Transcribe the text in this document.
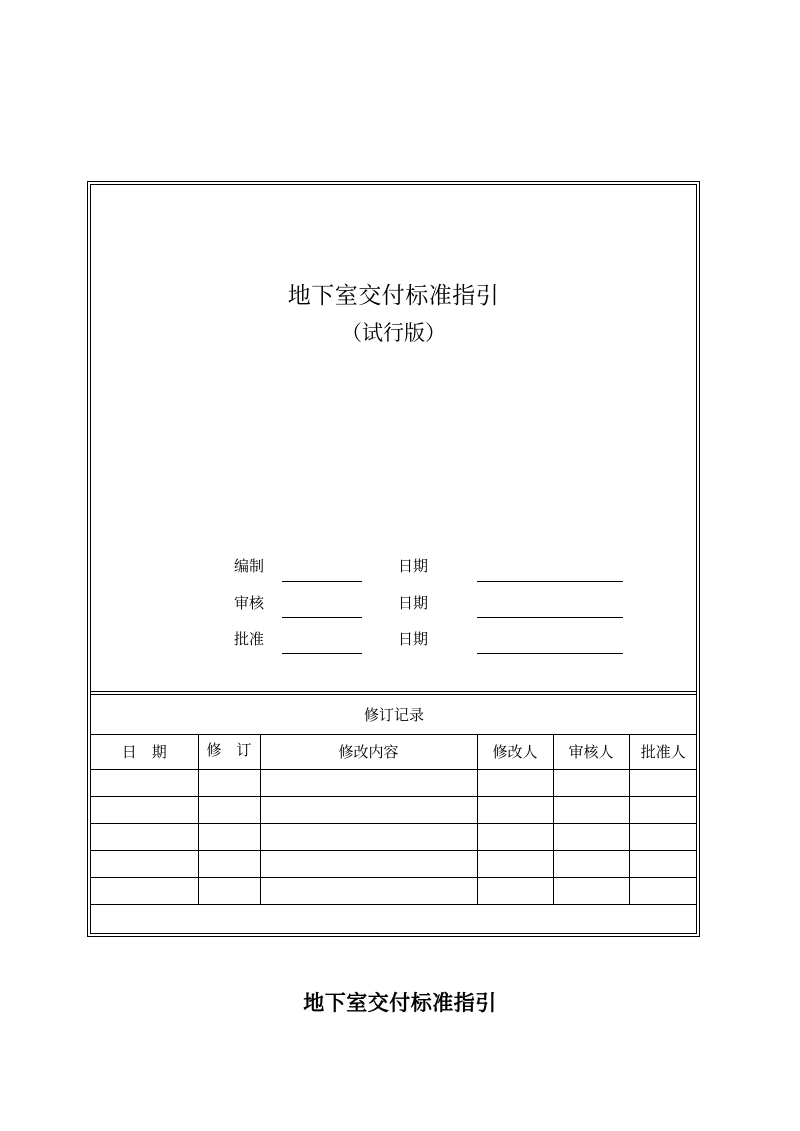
地下室交付标准指引
（试行版）
编制	日期
审核	日期
批准	日期
修订记录					
日　期	修　订	修改内容	修改人	审核人	批准人

地下室交付标准指引
